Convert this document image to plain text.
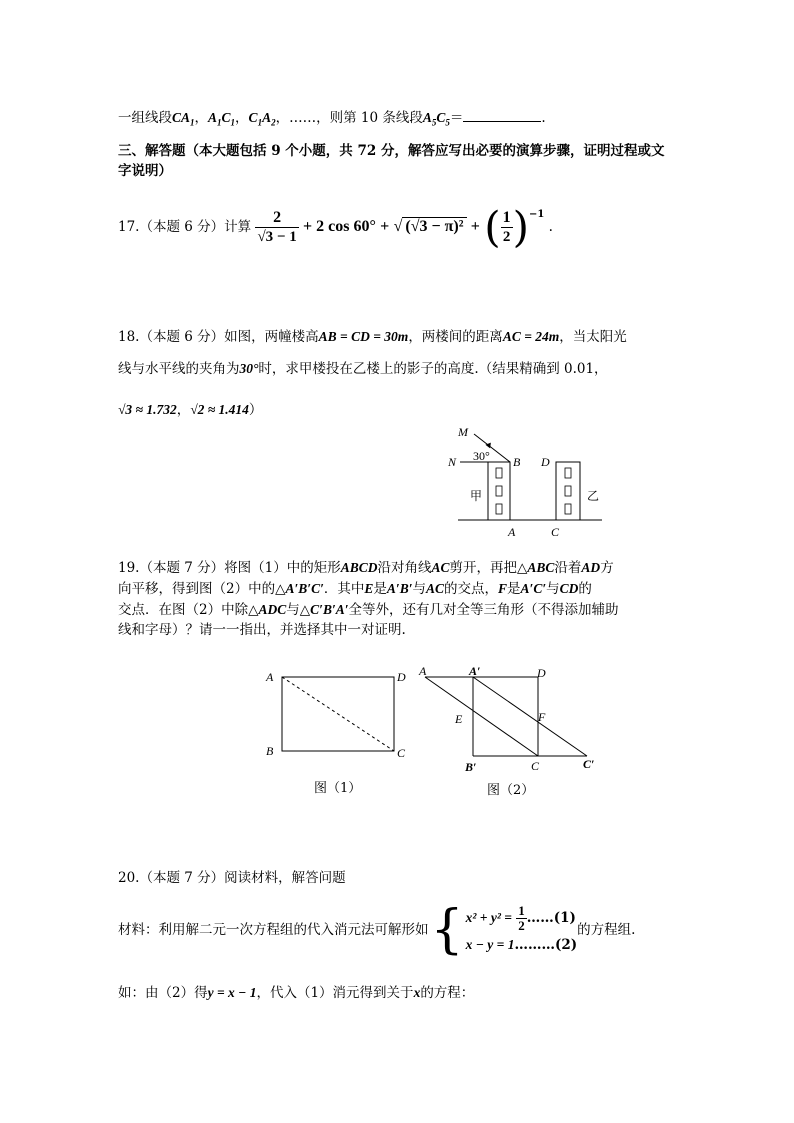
一组线段$CA_1$，$A_1C_1$，$C_1A_2$，……，则第 10 条线段$A_5C_5=$	.
三、解答题（本大题包括 9 个小题，共 72 分，解答应写出必要的演算步骤，证明过程或文
字说明）
17.（本题 6 分）计算 $\frac{2}{√3 - 1} + 2$ cos 60° + √ (√3 − π)² + ( $\frac{1}{2} )^{-1}$ .
18.（本题 6 分）如图，两幢楼高AB = CD = 30m，两楼间的距离AC = 24m，当太阳光
线与水平线的夹角为30°时，求甲楼投在乙楼上的影子的高度.（结果精确到 0.01，
√3 ≈ 1.732，√2 ≈ 1.414）
M
N	B D
A	C
30°
甲	乙
19.（本题 7 分）将图（1）中的矩形ABCD沿对角线AC剪开，再把△ABC沿着AD方
向平移，得到图（2）中的△A′B′C′．其中E是A′B′与AC的交点，F是A′C′与CD的
交点．在图（2）中除△ADC与△C′B′A′全等外，还有几对全等三角形（不得添加辅助
线和字母）？请一一指出，并选择其中一对证明.
A	D
B	C
图（1）
A	A′	D
E	F
B′	C	C′
图（2）
20.（本题 7 分）阅读材料，解答问题
材料：利用解二元一次方程组的代入消元法可解形如 { $x^2 + y^2 = \frac{1}{2}$ ……(1)
x − y = 1………(2)
的方程组.
如：由（2）得y = x − 1，代入（1）消元得到关于x的方程：
